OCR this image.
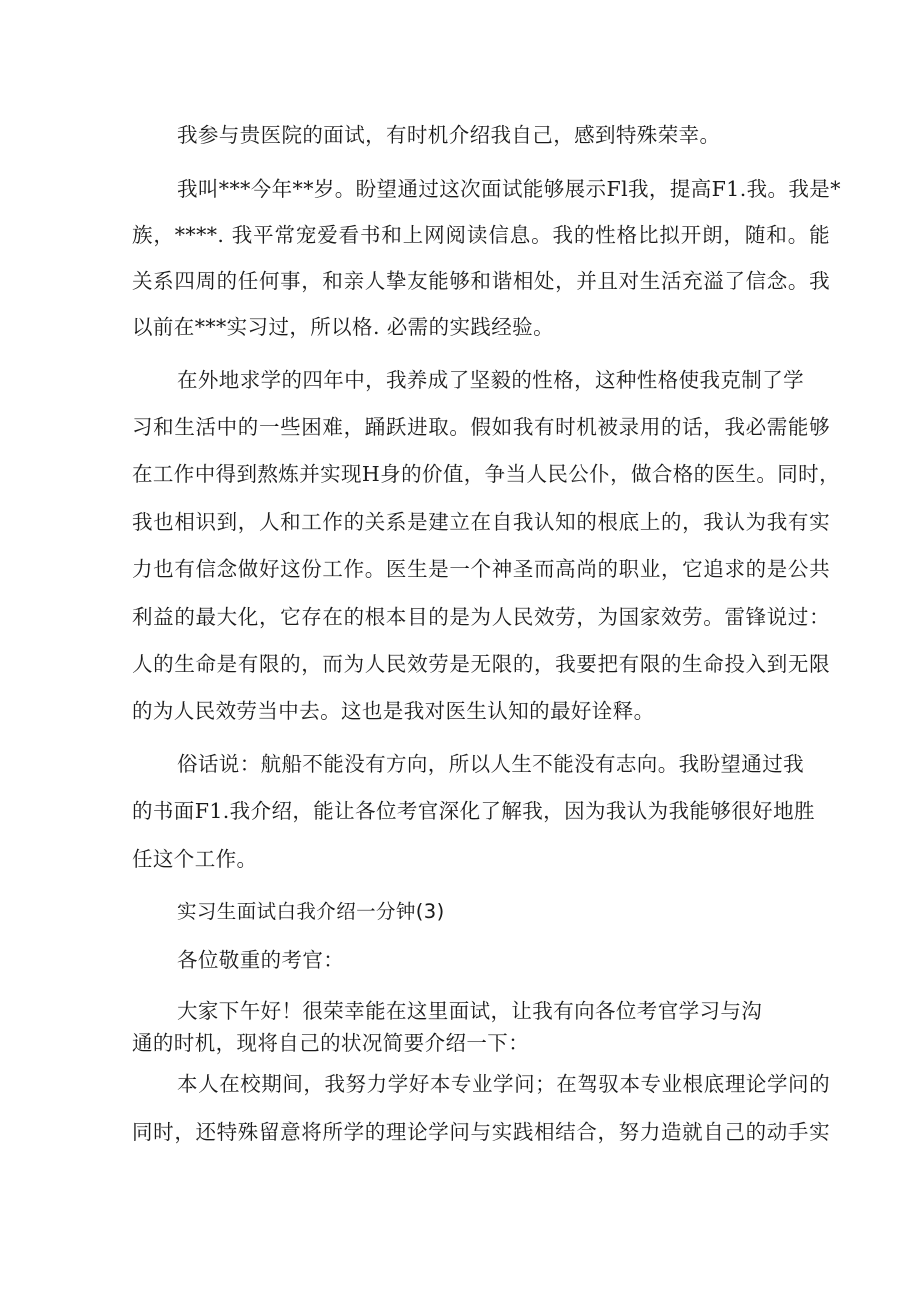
我参与贵医院的面试，有时机介绍我自己，感到特殊荣幸。

我叫***今年**岁。盼望通过这次面试能够展示Fl我，提高F1.我。我是*

族，****. 我平常宠爱看书和上网阅读信息。我的性格比拟开朗，随和。能

关系四周的任何事，和亲人挚友能够和谐相处，并且对生活充溢了信念。我

以前在***实习过，所以格. 必需的实践经验。

在外地求学的四年中，我养成了坚毅的性格，这种性格使我克制了学

习和生活中的一些困难，踊跃进取。假如我有时机被录用的话，我必需能够

在工作中得到熬炼并实现H身的价值，争当人民公仆，做合格的医生。同时，

我也相识到，人和工作的关系是建立在自我认知的根底上的，我认为我有实

力也有信念做好这份工作。医生是一个神圣而高尚的职业，它追求的是公共

利益的最大化，它存在的根本目的是为人民效劳，为国家效劳。雷锋说过：

人的生命是有限的，而为人民效劳是无限的，我要把有限的生命投入到无限

的为人民效劳当中去。这也是我对医生认知的最好诠释。

俗话说：航船不能没有方向，所以人生不能没有志向。我盼望通过我

的书面F1.我介绍，能让各位考官深化了解我，因为我认为我能够很好地胜

任这个工作。

实习生面试白我介绍一分钟(3)

各位敬重的考官：

大家下午好！很荣幸能在这里面试，让我有向各位考官学习与沟

通的时机，现将自己的状况简要介绍一下：

本人在校期间，我努力学好本专业学问；在驾驭本专业根底理论学问的

同时，还特殊留意将所学的理论学问与实践相结合，努力造就自己的动手实
